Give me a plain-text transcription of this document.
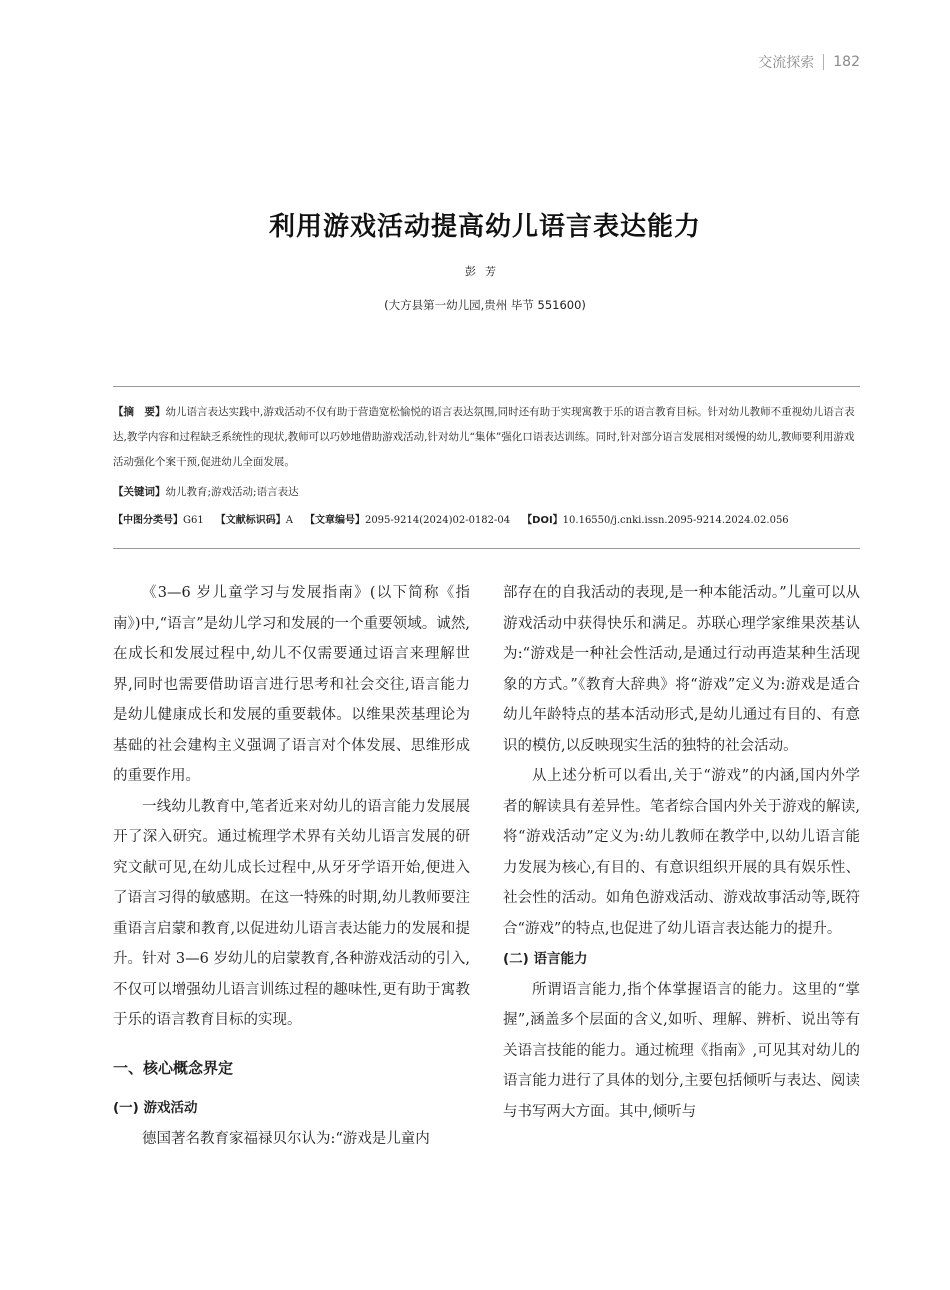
交流探索 182
利用游戏活动提高幼儿语言表达能力
彭芳
(大方县第一幼儿园,贵州 毕节 551600)

【摘　要】幼儿语言表达实践中,游戏活动不仅有助于营造宽松愉悦的语言表达氛围,同时还有助于实现寓教于乐的语言教育目标。针对幼儿教师不重视幼儿语言表达,教学内容和过程缺乏系统性的现状,教师可以巧妙地借助游戏活动,针对幼儿“集体”强化口语表达训练。同时,针对部分语言发展相对缓慢的幼儿,教师要利用游戏活动强化个案干预,促进幼儿全面发展。

【关键词】幼儿教育;游戏活动;语言表达
【中图分类号】G61 【文献标识码】A 【文章编号】2095-9214(2024)02-0182-04 【DOI】10.16550/j.cnki.issn.2095-9214.2024.02.056

《3—6 岁儿童学习与发展指南》(以下简称《指南》)中,“语言”是幼儿学习和发展的一个重要领域。诚然,在成长和发展过程中,幼儿不仅需要通过语言来理解世界,同时也需要借助语言进行思考和社会交往,语言能力是幼儿健康成长和发展的重要载体。以维果茨基理论为基础的社会建构主义强调了语言对个体发展、思维形成的重要作用。

一线幼儿教育中,笔者近来对幼儿的语言能力发展展开了深入研究。通过梳理学术界有关幼儿语言发展的研究文献可见,在幼儿成长过程中,从牙牙学语开始,便进入了语言习得的敏感期。在这一特殊的时期,幼儿教师要注重语言启蒙和教育,以促进幼儿语言表达能力的发展和提升。针对 3—6 岁幼儿的启蒙教育,各种游戏活动的引入,不仅可以增强幼儿语言训练过程的趣味性,更有助于寓教于乐的语言教育目标的实现。

一、核心概念界定
(一) 游戏活动

德国著名教育家福禄贝尔认为:“游戏是儿童内

部存在的自我活动的表现,是一种本能活动。”儿童可以从游戏活动中获得快乐和满足。苏联心理学家维果茨基认为:“游戏是一种社会性活动,是通过行动再造某种生活现象的方式。”《教育大辞典》将“游戏”定义为:游戏是适合幼儿年龄特点的基本活动形式,是幼儿通过有目的、有意识的模仿,以反映现实生活的独特的社会活动。

从上述分析可以看出,关于“游戏”的内涵,国内外学者的解读具有差异性。笔者综合国内外关于游戏的解读,将“游戏活动”定义为:幼儿教师在教学中,以幼儿语言能力发展为核心,有目的、有意识组织开展的具有娱乐性、社会性的活动。如角色游戏活动、游戏故事活动等,既符合“游戏”的特点,也促进了幼儿语言表达能力的提升。

(二) 语言能力

所谓语言能力,指个体掌握语言的能力。这里的“掌握”,涵盖多个层面的含义,如听、理解、辨析、说出等有关语言技能的能力。通过梳理《指南》,可见其对幼儿的语言能力进行了具体的划分,主要包括倾听与表达、阅读与书写两大方面。其中,倾听与
